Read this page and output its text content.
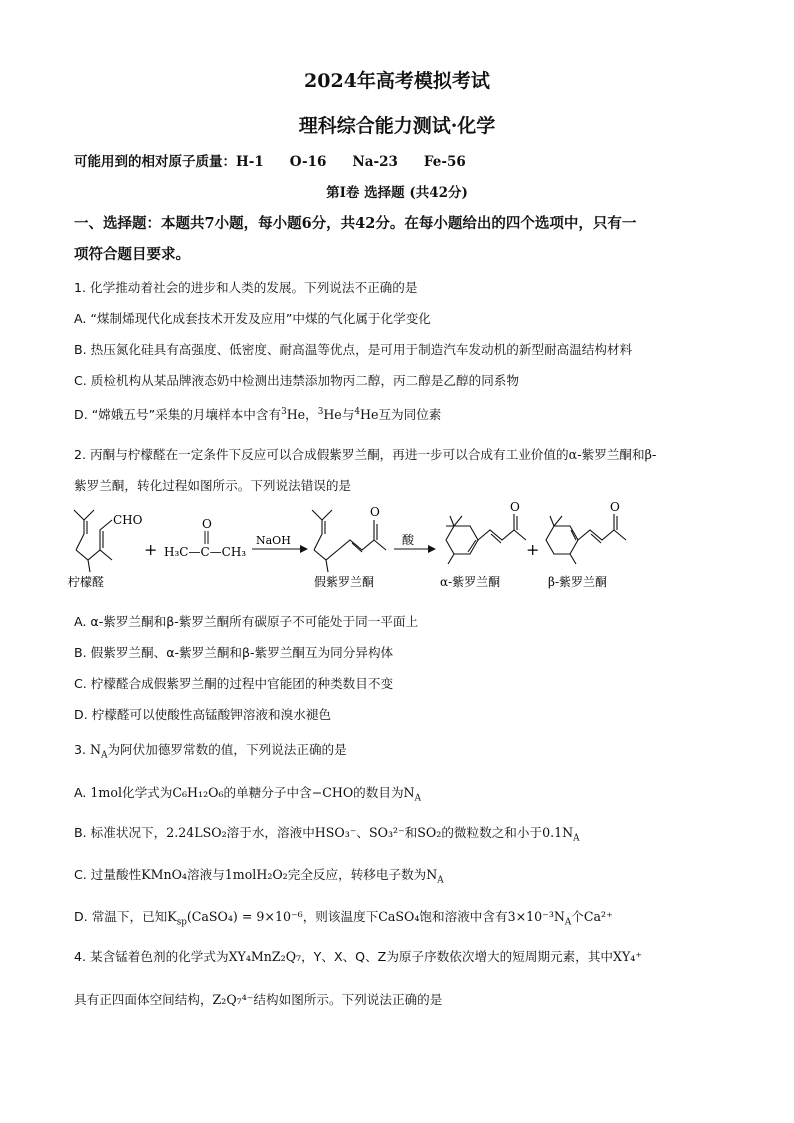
2024年高考模拟考试
理科综合能力测试·化学
可能用到的相对原子质量：H-1 O-16 Na-23 Fe-56
第Ⅰ卷 选择题 (共42分)
一、选择题：本题共7小题，每小题6分，共42分。在每小题给出的四个选项中，只有一
项符合题目要求。
1. 化学推动着社会的进步和人类的发展。下列说法不正确的是
A. “煤制烯现代化成套技术开发及应用”中煤的气化属于化学变化
B. 热压氮化硅具有高强度、低密度、耐高温等优点，是可用于制造汽车发动机的新型耐高温结构材料
C. 质检机构从某品牌液态奶中检测出违禁添加物丙二醇，丙二醇是乙醇的同系物
D. “嫦娥五号”采集的月壤样本中含有$^3$He，$^3$He与$^4$He互为同位素
2. 丙酮与柠檬醛在一定条件下反应可以合成假紫罗兰酮，再进一步可以合成有工业价值的α-紫罗兰酮和β-
紫罗兰酮，转化过程如图所示。下列说法错误的是
CHO
柠檬醛
+
O
H₃C—C—CH₃
NaOH
O
假紫罗兰酮
酸
O
α-紫罗兰酮
+
O
β-紫罗兰酮
A. α-紫罗兰酮和β-紫罗兰酮所有碳原子不可能处于同一平面上
B. 假紫罗兰酮、α-紫罗兰酮和β-紫罗兰酮互为同分异构体
C. 柠檬醛合成假紫罗兰酮的过程中官能团的种类数目不变
D. 柠檬醛可以使酸性高锰酸钾溶液和溴水褪色
3. $N_A$为阿伏加德罗常数的值，下列说法正确的是
A. 1mol化学式为C₆H₁₂O₆的单糖分子中含−CHO的数目为$N_A$
B. 标准状况下，2.24LSO₂溶于水，溶液中HSO₃⁻、SO₃²⁻和SO₂的微粒数之和小于$0.1N_A$
C. 过量酸性KMnO₄溶液与1molH₂O₂完全反应，转移电子数为$N_A$
D. 常温下，已知$K_{sp}(CaSO_4) = 9\times 10^{-6}$，则该温度下CaSO₄饱和溶液中含有$3\times 10^{-3}N_A$个Ca²⁺
4. 某含锰着色剂的化学式为XY₄MnZ₂Q₇，Y、X、Q、Z为原子序数依次增大的短周期元素，其中XY₄⁺
具有正四面体空间结构，Z₂Q₇⁴⁻结构如图所示。下列说法正确的是
